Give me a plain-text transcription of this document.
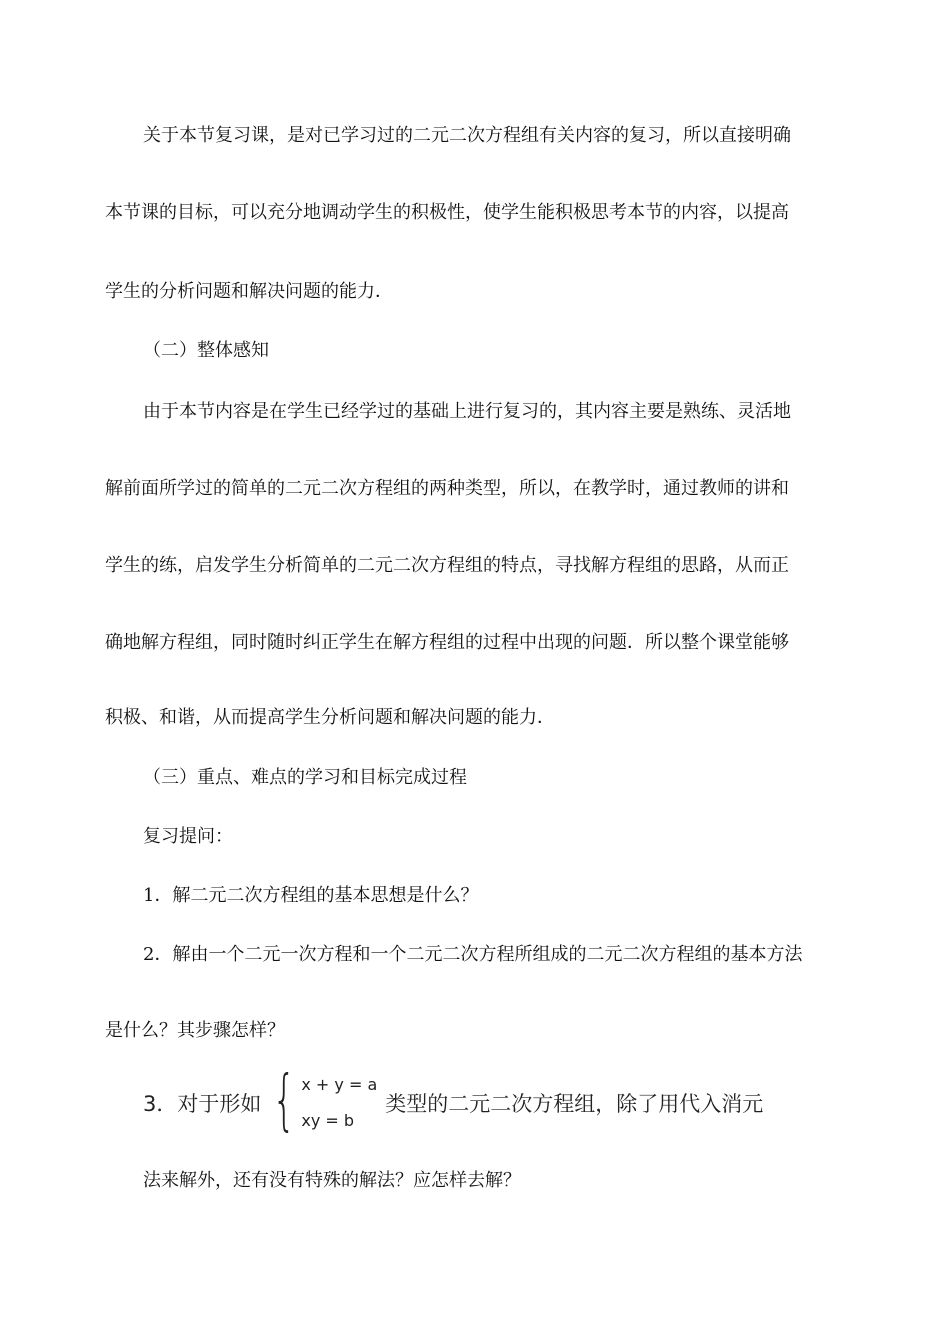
关于本节复习课，是对已学习过的二元二次方程组有关内容的复习，所以直接明确
本节课的目标，可以充分地调动学生的积极性，使学生能积极思考本节的内容，以提高
学生的分析问题和解决问题的能力．
（二）整体感知
由于本节内容是在学生已经学过的基础上进行复习的，其内容主要是熟练、灵活地
解前面所学过的简单的二元二次方程组的两种类型，所以，在教学时，通过教师的讲和
学生的练，启发学生分析简单的二元二次方程组的特点，寻找解方程组的思路，从而正
确地解方程组，同时随时纠正学生在解方程组的过程中出现的问题．所以整个课堂能够
积极、和谐，从而提高学生分析问题和解决问题的能力．
（三）重点、难点的学习和目标完成过程
复习提问：
1．解二元二次方程组的基本思想是什么？
2．解由一个二元一次方程和一个二元二次方程所组成的二元二次方程组的基本方法
是什么？其步骤怎样？
3．对于形如 { x + y = a
xy = b
类型的二元二次方程组，除了用代入消元
法来解外，还有没有特殊的解法？应怎样去解？
